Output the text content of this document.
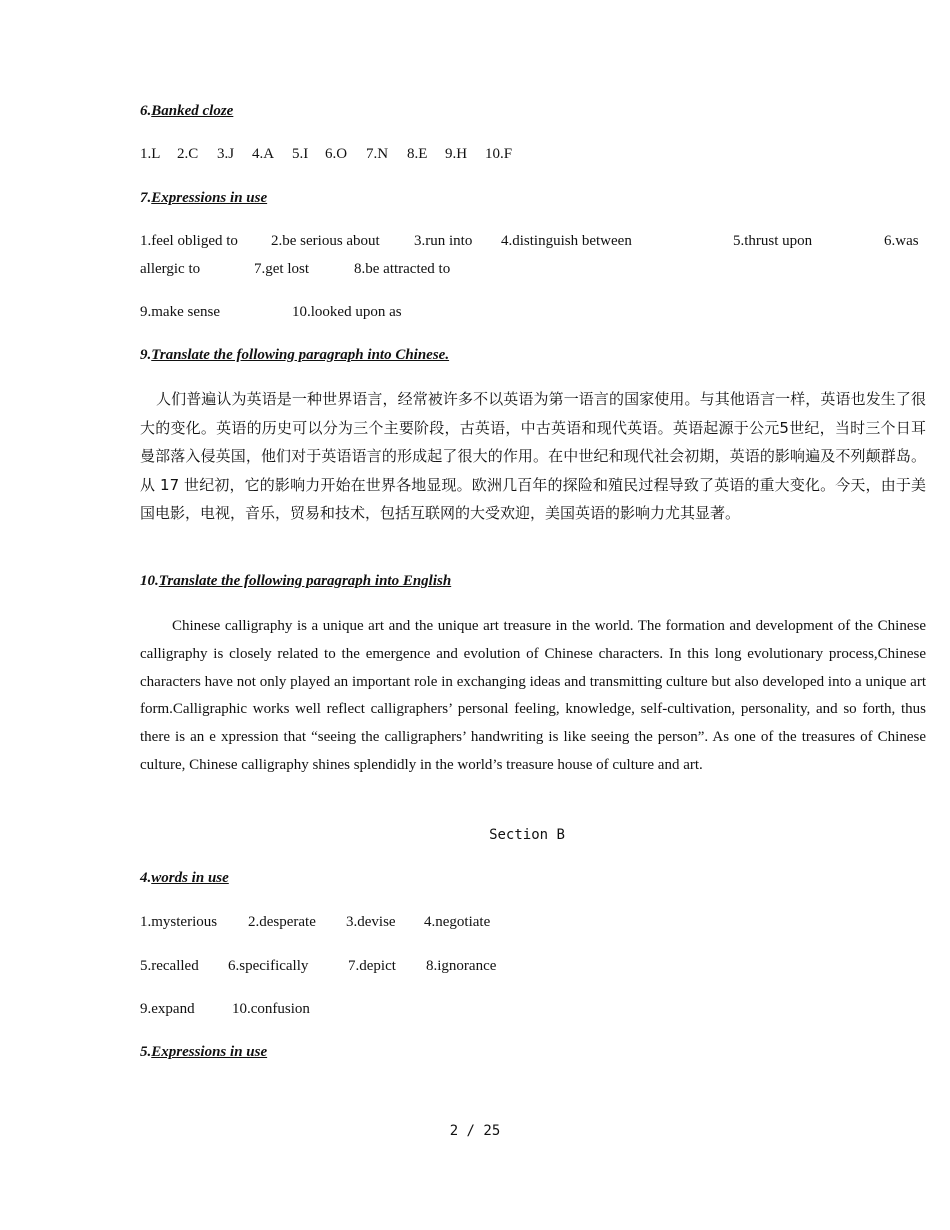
6.Banked cloze
1.L 2.C 3.J 4.A 5.I 6.O 7.N 8.E 9.H 10.F
7.Expressions in use
1.feel obliged to 2.be serious about 3.run into 4.distinguish between	5.thrust upon	6.was
allergic to	7.get lost	8.be attracted to
9.make sense	10.looked upon as
9.Translate the following paragraph into Chinese.
人们普遍认为英语是一种世界语言，经常被许多不以英语为第一语言的国家使用。与其他语言一样，英语也发生了很大的变化。英语的历史可以分为三个主要阶段，古英语，中古英语和现代英语。英语起源于公元5世纪，当时三个日耳曼部落入侵英国，他们对于英语语言的形成起了很大的作用。在中世纪和现代社会初期，英语的影响遍及不列颠群岛。从 17 世纪初，它的影响力开始在世界各地显现。欧洲几百年的探险和殖民过程导致了英语的重大变化。今天，由于美国电影，电视，音乐，贸易和技术，包括互联网的大受欢迎，美国英语的影响力尤其显著。
10.Translate the following paragraph into English
Chinese calligraphy is a unique art and the unique art treasure in the world. The formation and development of the Chinese calligraphy is closely related to the emergence and evolution of Chinese characters. In this long evolutionary process,Chinese characters have not only played an important role in exchanging ideas and transmitting culture but also developed into a unique art form.Calligraphic works well reflect calligraphers’ personal feeling, knowledge, self-cultivation, personality, and so forth, thus there is an e xpression that “seeing the calligraphers’ handwriting is like seeing the person”. As one of the treasures of Chinese culture, Chinese calligraphy shines splendidly in the world’s treasure house of culture and art.
Section B
4.words in use
1.mysterious 2.desperate 3.devise 4.negotiate
5.recalled 6.specifically	7.depict 8.ignorance
9.expand 10.confusion
5.Expressions in use
2 / 25
